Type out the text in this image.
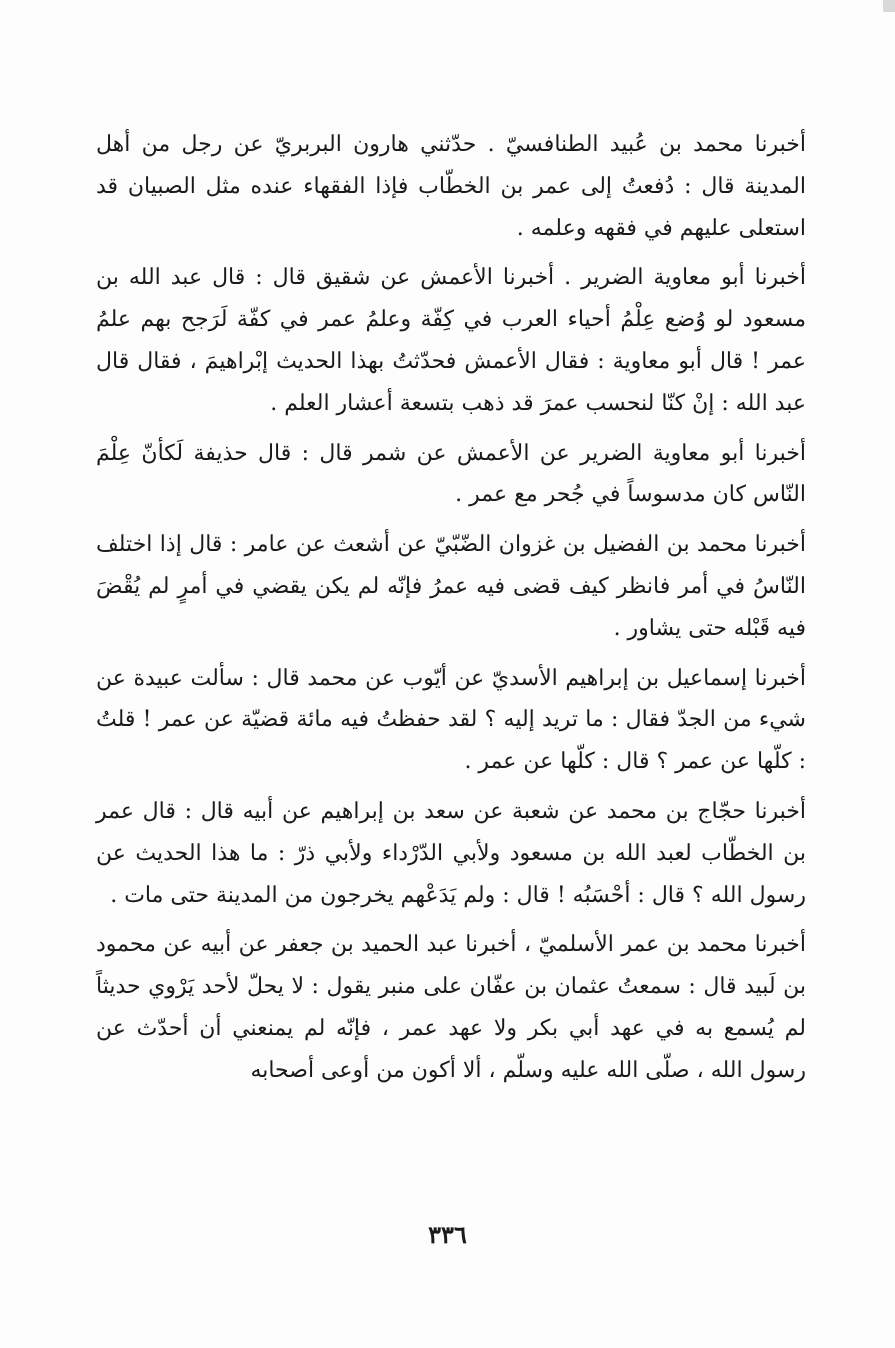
أخبرنا محمد بن عُبيد الطنافسيّ . حدّثني هارون البربريّ عن رجل من أهل المدينة قال : دُفعتُ إلى عمر بن الخطّاب فإذا الفقهاء عنده مثل الصبيان قد استعلى عليهم في فقهه وعلمه .

أخبرنا أبو معاوية الضرير . أخبرنا الأعمش عن شقيق قال : قال عبد الله بن مسعود لو وُضع عِلْمُ أحياء العرب في كِفّة وعلمُ عمر في كفّة لَرَجح بهم علمُ عمر ! قال أبو معاوية : فقال الأعمش فحدّثتُ بهذا الحديث إبْراهيمَ ، فقال قال عبد الله : إنْ كنّا لنحسب عمرَ قد ذهب بتسعة أعشار العلم .

أخبرنا أبو معاوية الضرير عن الأعمش عن شمر قال : قال حذيفة لَكأنّ عِلْمَ النّاس كان مدسوساً في جُحر مع عمر .

أخبرنا محمد بن الفضيل بن غزوان الضّبّيّ عن أشعث عن عامر : قال إذا اختلف النّاسُ في أمر فانظر كيف قضى فيه عمرُ فإنّه لم يكن يقضي في أمرٍ لم يُقْضَ فيه قَبْله حتى يشاور .

أخبرنا إسماعيل بن إبراهيم الأسديّ عن أيّوب عن محمد قال : سألت عبيدة عن شيء من الجدّ فقال : ما تريد إليه ؟ لقد حفظتُ فيه مائة قضيّة عن عمر ! قلتُ : كلّها عن عمر ؟ قال : كلّها عن عمر .

أخبرنا حجّاج بن محمد عن شعبة عن سعد بن إبراهيم عن أبيه قال : قال عمر بن الخطّاب لعبد الله بن مسعود ولأبي الدّرْداء ولأبي ذرّ : ما هذا الحديث عن رسول الله ؟ قال : أحْسَبُه ! قال : ولم يَدَعْهم يخرجون من المدينة حتى مات .

أخبرنا محمد بن عمر الأسلميّ ، أخبرنا عبد الحميد بن جعفر عن أبيه عن محمود بن لَبيد قال : سمعتُ عثمان بن عفّان على منبر يقول : لا يحلّ لأحد يَرْوي حديثاً لم يُسمع به في عهد أبي بكر ولا عهد عمر ، فإنّه لم يمنعني أن أحدّث عن رسول الله ، صلّى الله عليه وسلّم ، ألا أكون من أوعى أصحابه

٣٣٦
